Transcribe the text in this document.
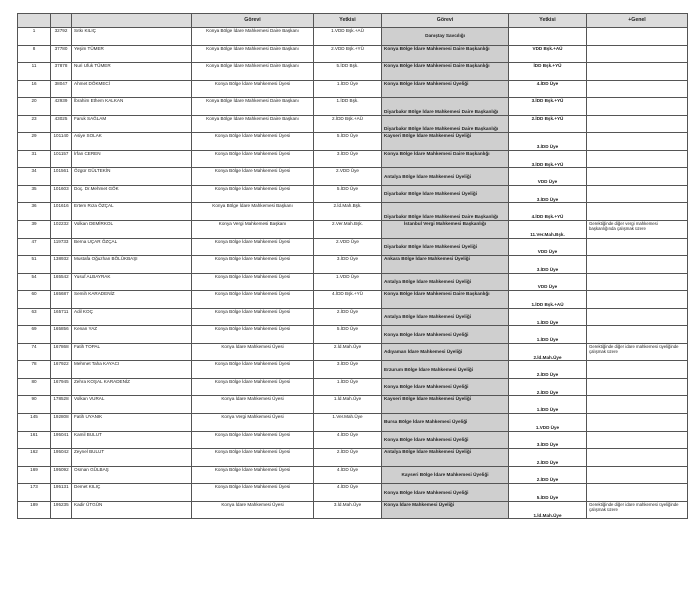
			Görevi	Yetkisi	Görevi	Yetkisi	+Genel
1	32792	Sıtkı KILIÇ	Konya Bölge İdare Mahkemesi Daire Başkanı	1.VDD Bşk.+AÜ	Danıştay Savcılığı		
8	37780	Yeşim TÜMER	Konya Bölge İdare Mahkemesi Daire Başkanı	2.VDD Bşk.+YÜ	Konya Bölge İdare Mahkemesi Daire Başkanlığı	VDD Bşk.+AÜ	
11	37878	Nuri Ufuk TÜMER	Konya Bölge İdare Mahkemesi Daire Başkanı	5.İDD Bşk.	Konya Bölge İdare Mahkemesi Daire Başkanlığı	İDD Bşk.+YÜ	
16	38047	Ahmet DÖKMECİ	Konya Bölge İdare Mahkemesi Üyesi	1.İDD Üye	Konya Bölge İdare Mahkemesi Üyeliği	4.İDD Üye	
20	42939	İbrahim Ethem KALKAN	Konya Bölge İdare Mahkemesi Daire Başkanı	1.İDD Bşk.	Diyarbakır Bölge İdare Mahkemesi Daire Başkanlığı	3.İDD Bşk.+YÜ	
23	43025	Faruk SAĞLAM	Konya Bölge İdare Mahkemesi Daire Başkanı	2.İDD Bşk.+AÜ	Diyarbakır Bölge İdare Mahkemesi Daire Başkanlığı	2.İDD Bşk.+YÜ	
29	101140	Asiye SOLAK	Konya Bölge İdare Mahkemesi Üyesi	5.İDD Üye	Kayseri Bölge İdare Mahkemesi Üyeliği	3.İDD Üye	
31	101157	İrfan CEREN	Konya Bölge İdare Mahkemesi Üyesi	3.İDD Üye	Konya Bölge İdare Mahkemesi Daire Başkanlığı	3.İDD Bşk.+YÜ	
34	101561	Özgür GÜLTEKİN	Konya Bölge İdare Mahkemesi Üyesi	2.VDD Üye	Antalya Bölge İdare Mahkemesi Üyeliği	VDD Üye	
35	101603	Doç. Dr.Mehmet GÖK	Konya Bölge İdare Mahkemesi Üyesi	5.İDD Üye	Diyarbakır Bölge İdare Mahkemesi Üyeliği	3.İDD Üye	
36	101616	Ertem Rıza ÖZÇAL	Konya Bölge İdare Mahkemesi Başkanı	2.İd.Mah.Bşk.	Diyarbakır Bölge İdare Mahkemesi Daire Başkanlığı	4.İDD Bşk.+YÜ	
39	102232	Volkan DEMİRKOL	Konya Vergi Mahkemesi Başkanı	2.Ver.Mah.Bşk.	İstanbul Vergi Mahkemesi Başkanlığı	11.Ver.Mah.Bşk.	Gerektiğinde diğer vergi mahkemesi başkanlığında çalışmak üzere
47	119733	Berna UÇAR ÖZÇAL	Konya Bölge İdare Mahkemesi Üyesi	2.VDD Üye	Diyarbakır Bölge İdare Mahkemesi Üyeliği	VDD Üye	
51	138932	Mustafa Oğuzhan BÖLÜKBAŞI	Konya Bölge İdare Mahkemesi Üyesi	3.İDD Üye	Ankara Bölge İdare Mahkemesi Üyeliği	3.İDD Üye	
54	165542	Yusuf ALBAYRAK	Konya Bölge İdare Mahkemesi Üyesi	1.VDD Üye	Antalya Bölge İdare Mahkemesi Üyeliği	VDD Üye	
60	165687	Semih KARADENİZ	Konya Bölge İdare Mahkemesi Üyesi	4.İDD Bşk.+YÜ	Konya Bölge İdare Mahkemesi Daire Başkanlığı	1.İDD Bşk.+AÜ	
63	165711	Adil KOÇ	Konya Bölge İdare Mahkemesi Üyesi	2.İDD Üye	Antalya Bölge İdare Mahkemesi Üyeliği	1.İDD Üye	
69	165856	Kenan YAZ	Konya Bölge İdare Mahkemesi Üyesi	5.İDD Üye	Konya Bölge İdare Mahkemesi Üyeliği	1.İDD Üye	
74	167868	Fatih TOPAL	Konya İdare Mahkemesi Üyesi	2.İd.Mah.Üye	Adıyaman İdare Mahkemesi Üyeliği	2.İd.Mah.Üye	Gerektiğinde diğer idare mahkemesi üyeliğinde çalışmak üzere
78	167922	Mehmet Taha KAYACI	Konya Bölge İdare Mahkemesi Üyesi	3.İDD Üye	Erzurum Bölge İdare Mahkemesi Üyeliği	2.İDD Üye	
80	167945	Zehra KOŞAL KARADENİZ	Konya Bölge İdare Mahkemesi Üyesi	1.İDD Üye	Konya Bölge İdare Mahkemesi Üyeliği	2.İDD Üye	
90	178528	Volkan VURAL	Konya İdare Mahkemesi Üyesi	1.İd.Mah.Üye	Kayseri Bölge İdare Mahkemesi Üyeliği	1.İDD Üye	
145	192808	Fatih UYANIK	Konya Vergi Mahkemesi Üyesi	1.Ver.Mah.Üye	Bursa Bölge İdare Mahkemesi Üyeliği	1.VDD Üye	
161	195041	Kamil BULUT	Konya Bölge İdare Mahkemesi Üyesi	4.İDD Üye	Konya Bölge İdare Mahkemesi Üyeliği	3.İDD Üye	
162	195042	Zeynel BULUT	Konya Bölge İdare Mahkemesi Üyesi	2.İDD Üye	Antalya Bölge İdare Mahkemesi Üyeliği	2.İDD Üye	
169	195092	Osman GÜLBAŞ	Konya Bölge İdare Mahkemesi Üyesi	4.İDD Üye	Kayseri Bölge İdare Mahkemesi Üyeliği	2.İDD Üye	
173	195131	Demet KILIÇ	Konya Bölge İdare Mahkemesi Üyesi	4.İDD Üye	Konya Bölge İdare Mahkemesi Üyeliği	5.İDD Üye	
189	195235	Kadir ÜTGÜN	Konya İdare Mahkemesi Üyesi	3.İd.Mah.Üye	Konya İdare Mahkemesi Üyeliği	1.İd.Mah.Üye	Gerektiğinde diğer idare mahkemesi üyeliğinde çalışmak üzere
